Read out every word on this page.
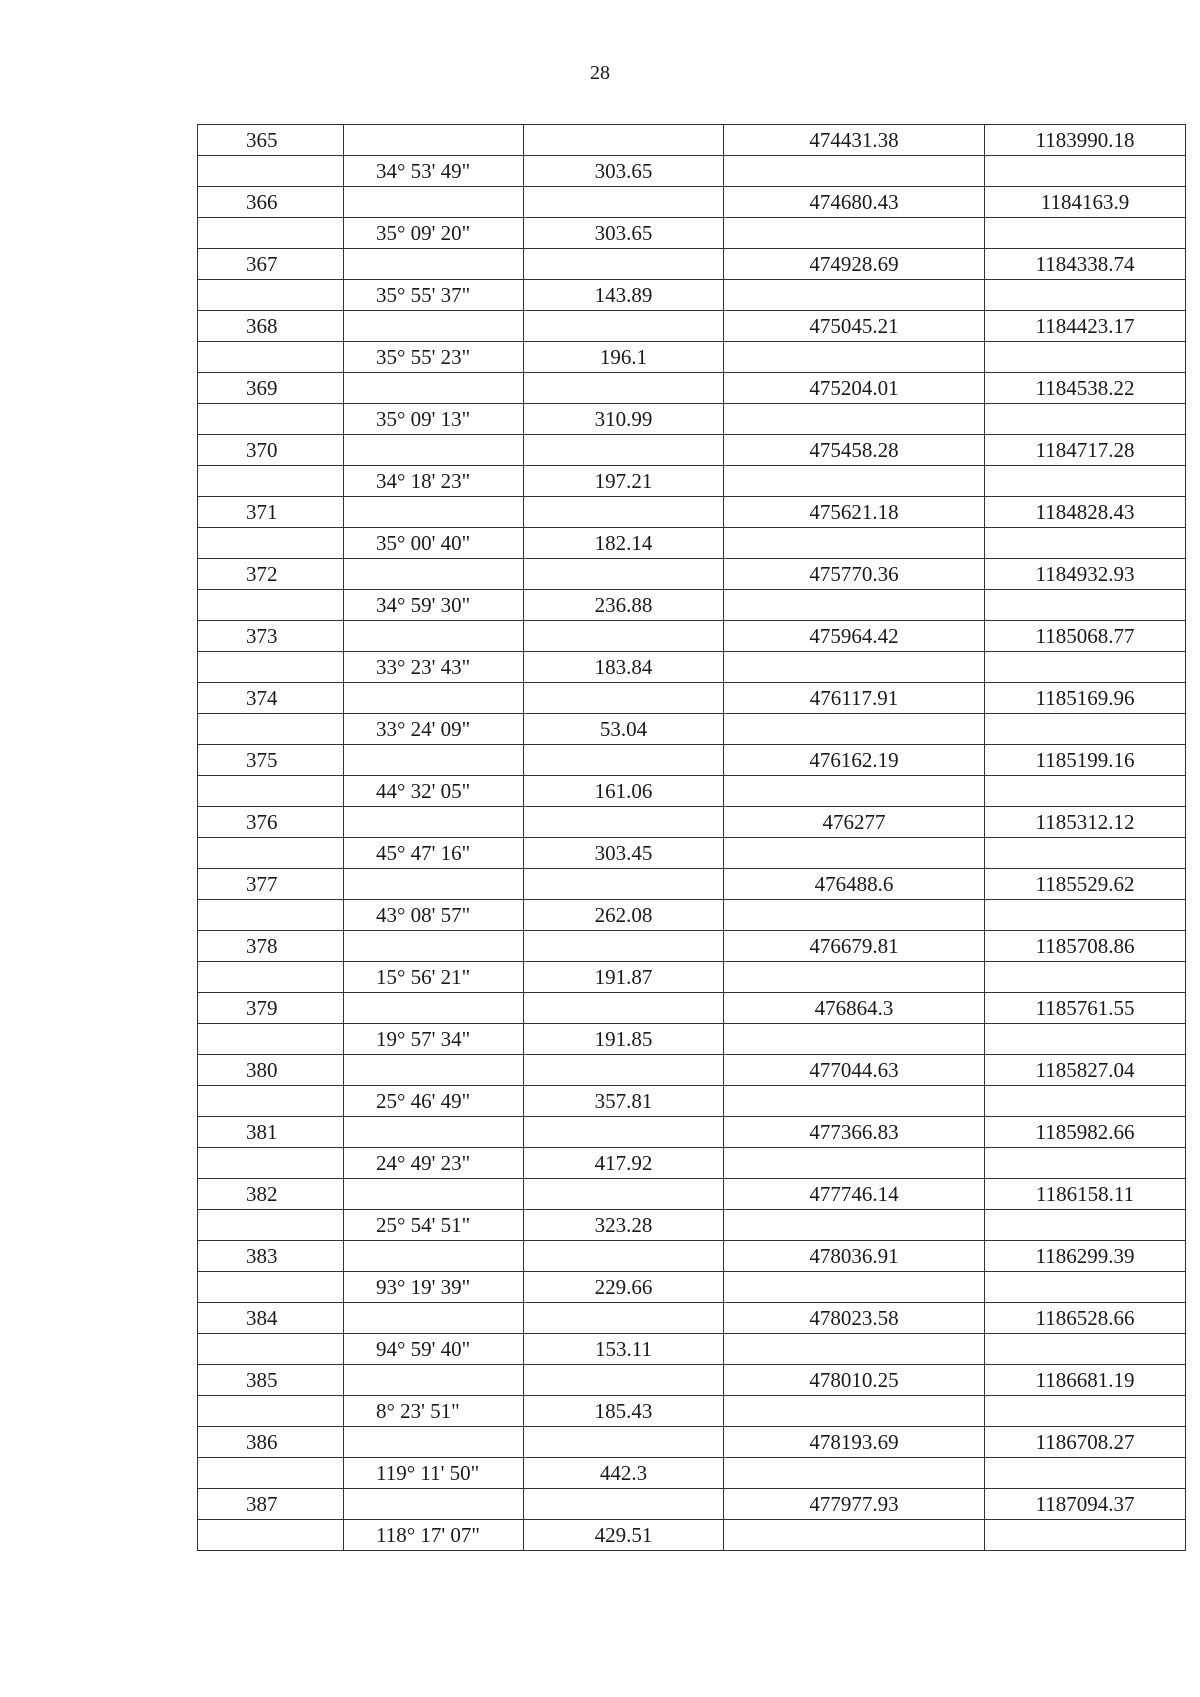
28
365			474431.38	1183990.18
	34° 53' 49"	303.65		
366			474680.43	1184163.9
	35° 09' 20"	303.65		
367			474928.69	1184338.74
	35° 55' 37"	143.89		
368			475045.21	1184423.17
	35° 55' 23"	196.1		
369			475204.01	1184538.22
	35° 09' 13"	310.99		
370			475458.28	1184717.28
	34° 18' 23"	197.21		
371			475621.18	1184828.43
	35° 00' 40"	182.14		
372			475770.36	1184932.93
	34° 59' 30"	236.88		
373			475964.42	1185068.77
	33° 23' 43"	183.84		
374			476117.91	1185169.96
	33° 24' 09"	53.04		
375			476162.19	1185199.16
	44° 32' 05"	161.06		
376			476277	1185312.12
	45° 47' 16"	303.45		
377			476488.6	1185529.62
	43° 08' 57"	262.08		
378			476679.81	1185708.86
	15° 56' 21"	191.87		
379			476864.3	1185761.55
	19° 57' 34"	191.85		
380			477044.63	1185827.04
	25° 46' 49"	357.81		
381			477366.83	1185982.66
	24° 49' 23"	417.92		
382			477746.14	1186158.11
	25° 54' 51"	323.28		
383			478036.91	1186299.39
	93° 19' 39"	229.66		
384			478023.58	1186528.66
	94° 59' 40"	153.11		
385			478010.25	1186681.19
	8° 23' 51"	185.43		
386			478193.69	1186708.27
	119° 11' 50"	442.3		
387			477977.93	1187094.37
	118° 17' 07"	429.51		
